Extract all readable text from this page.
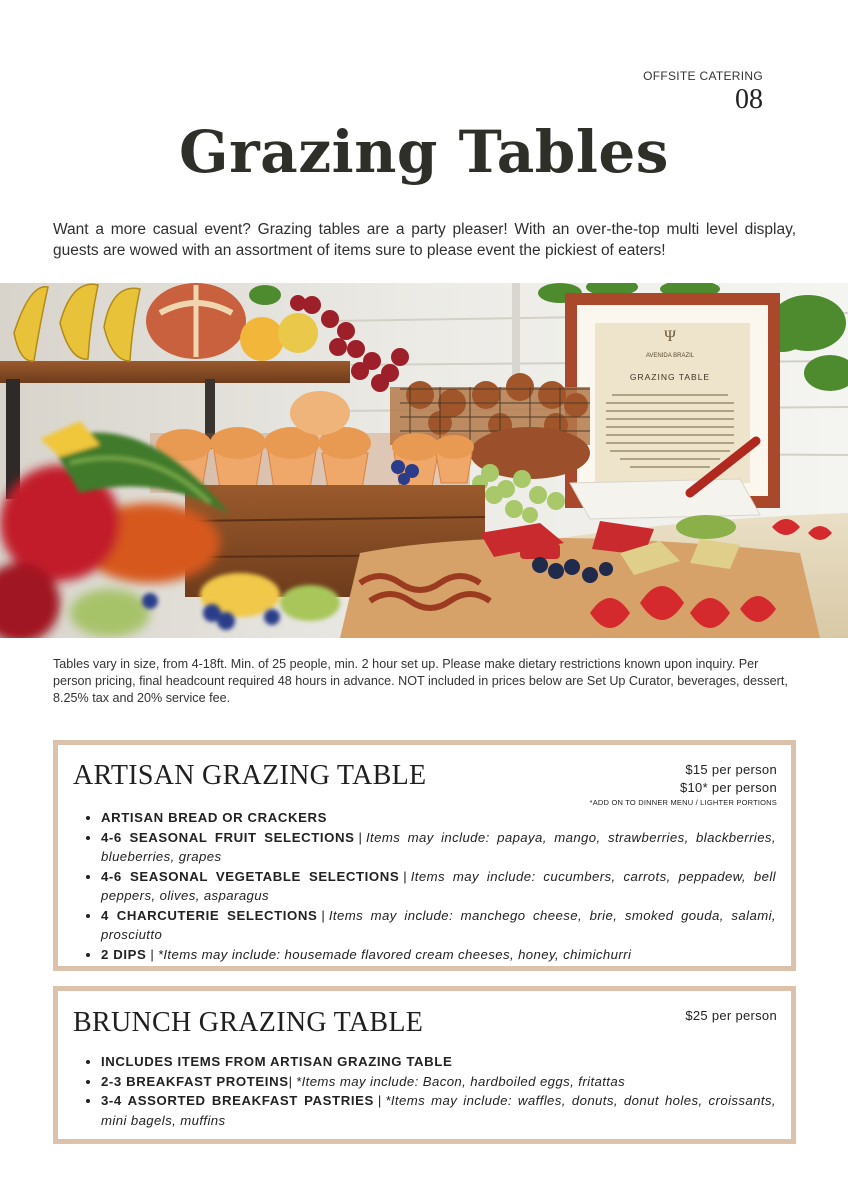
OFFSITE CATERING
08
Grazing Tables

Want a more casual event? Grazing tables are a party pleaser! With an over-the-top multi level display, guests are wowed with an assortment of items sure to please event the pickiest of eaters!

Ψ
AVENIDA BRAZIL
GRAZING TABLE

Tables vary in size, from 4-18ft. Min. of 25 people, min. 2 hour set up. Please make dietary restrictions known upon inquiry. Per person pricing, final headcount required 48 hours in advance. NOT included in prices below are Set Up Curator, beverages, dessert, 8.25% tax and 20% service fee.

ARTISAN GRAZING TABLE	$15 per person
$10* per person
*ADD ON TO DINNER MENU / LIGHTER PORTIONS
• ARTISAN BREAD OR CRACKERS
• 4-6 SEASONAL FRUIT SELECTIONS | Items may include: papaya, mango, strawberries, blackberries, blueberries, grapes
• 4-6 SEASONAL VEGETABLE SELECTIONS | Items may include: cucumbers, carrots, peppadew, bell peppers, olives, asparagus
• 4 CHARCUTERIE SELECTIONS | Items may include: manchego cheese, brie, smoked gouda, salami, prosciutto
• 2 DIPS | *Items may include: housemade flavored cream cheeses, honey, chimichurri
BRUNCH GRAZING TABLE	$25 per person
• INCLUDES ITEMS FROM ARTISAN GRAZING TABLE
• 2-3 BREAKFAST PROTEINS| *Items may include: Bacon, hardboiled eggs, fritattas
• 3-4 ASSORTED BREAKFAST PASTRIES | *Items may include: waffles, donuts, donut holes, croissants, mini bagels, muffins
